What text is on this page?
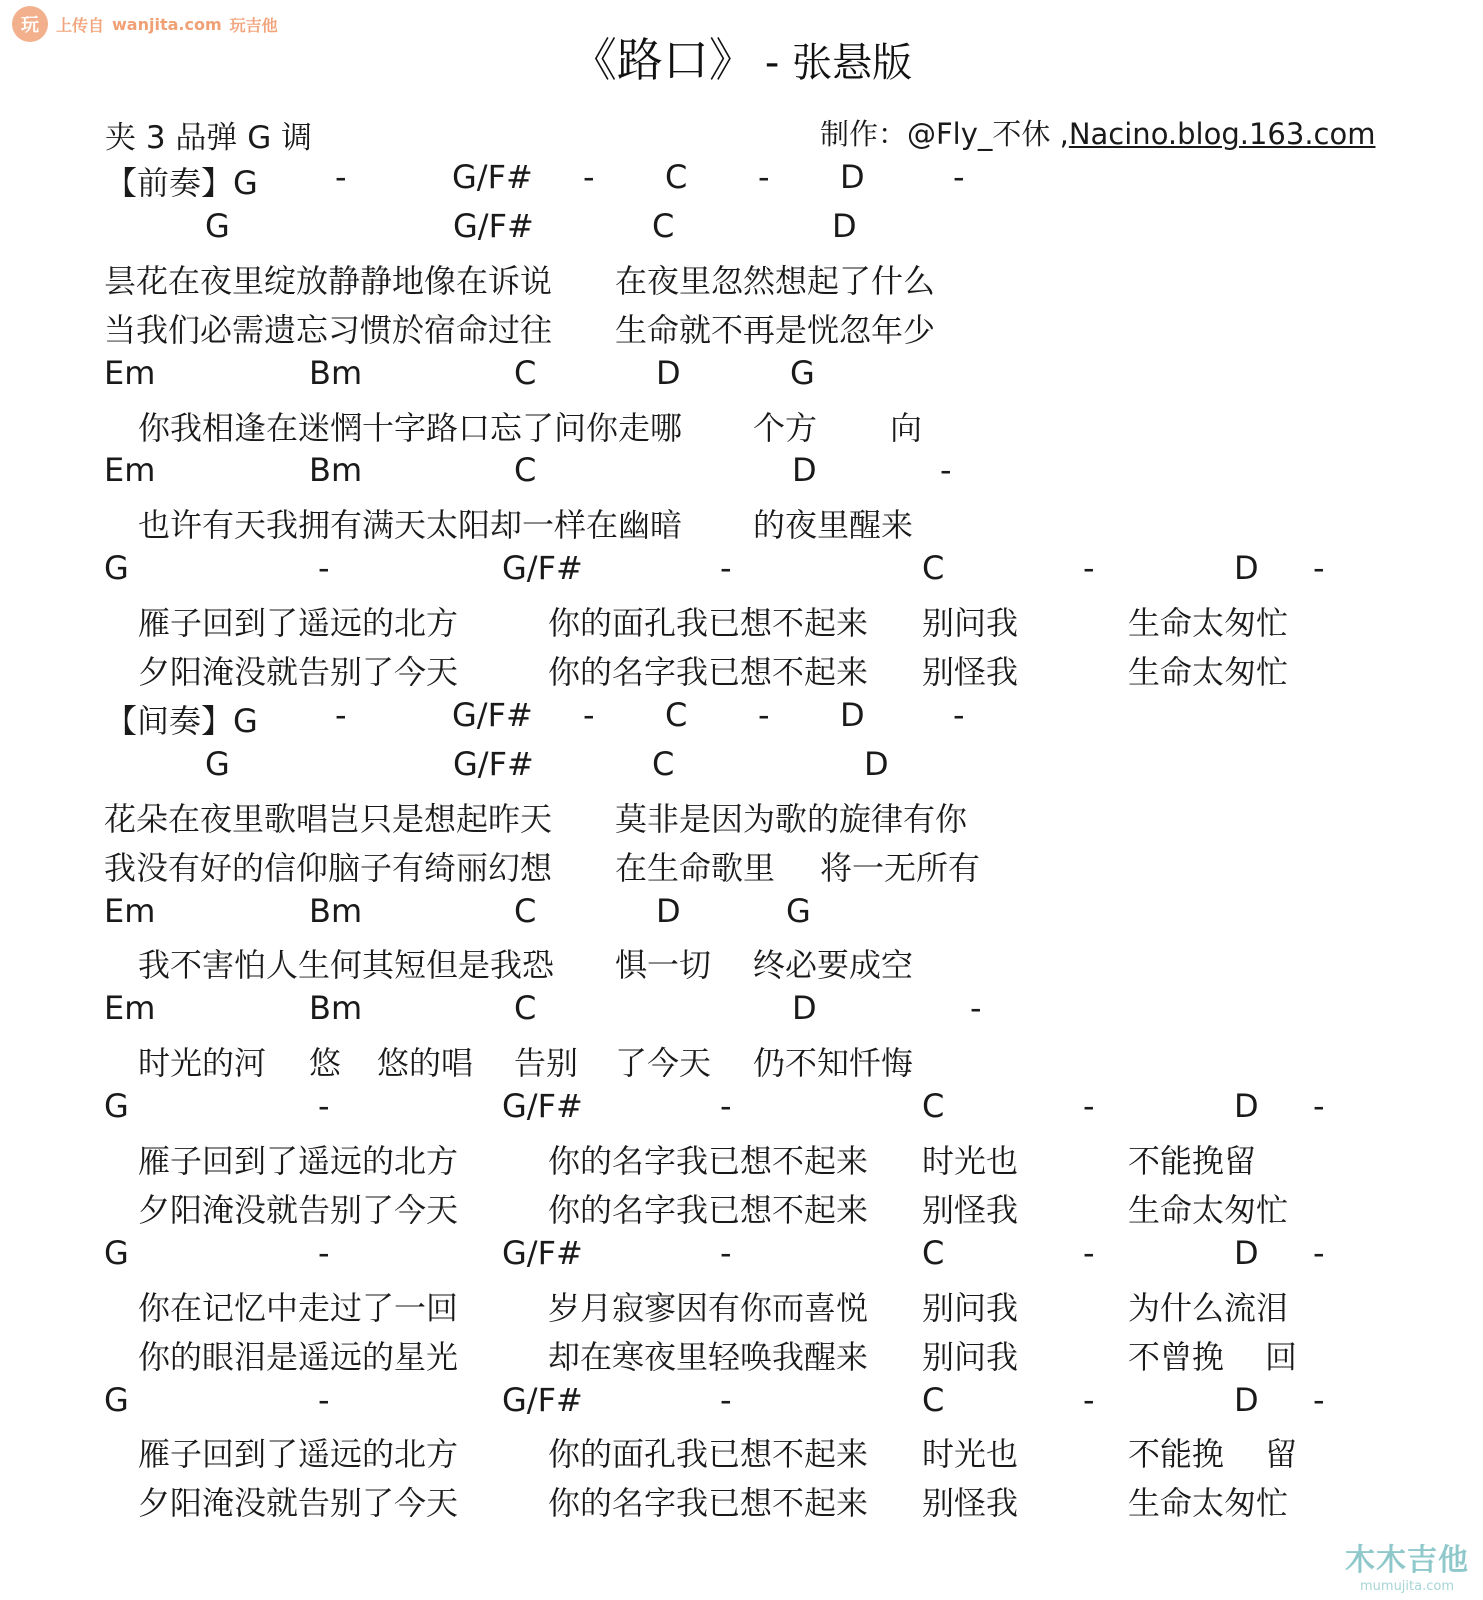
玩	上传自 wanjita.com 玩吉他
《路口》 - 张悬版
夹 3 品弹 G 调	制作：@Fly_不休 ,Nacino.blog.163.com
【前奏】G -	G/F# - C - D	-
G	G/F#	C	D
昙花在夜里绽放静静地像在诉说 在夜里忽然想起了什么
当我们必需遗忘习惯於宿命过往 生命就不再是恍忽年少
Em	Bm	C	D	G
你我相逢在迷惘十字路口忘了问你走哪 个方 向
Em	Bm	C	D	-
也许有天我拥有满天太阳却一样在幽暗 的夜里醒来
G	-	G/F#	-	C	-	D -
雁子回到了遥远的北方	你的面孔我已想不起来 别问我	生命太匆忙
夕阳淹没就告别了今天	你的名字我已想不起来 别怪我	生命太匆忙
【间奏】G -	G/F# - C - D	-
G	G/F#	C	D
花朵在夜里歌唱岂只是想起昨天 莫非是因为歌的旋律有你
我没有好的信仰脑子有绮丽幻想 在生命歌里 将一无所有
Em	Bm	C	D	G
我不害怕人生何其短但是我恐 惧一切 终必要成空
Em	Bm	C	D	-
时光的河 悠 悠的唱 告别 了今天 仍不知忏悔
G	-	G/F#	-	C	-	D -
雁子回到了遥远的北方	你的名字我已想不起来 时光也	不能挽留
夕阳淹没就告别了今天	你的名字我已想不起来 别怪我	生命太匆忙
G	-	G/F#	-	C	-	D -
你在记忆中走过了一回	岁月寂寥因有你而喜悦 别问我	为什么流泪
你的眼泪是遥远的星光	却在寒夜里轻唤我醒来 别问我	不曾挽 回
G	-	G/F#	-	C	-	D -
雁子回到了遥远的北方	你的面孔我已想不起来 时光也	不能挽 留
夕阳淹没就告别了今天	你的名字我已想不起来 别怪我	生命太匆忙
木木吉他
mumujita.com
